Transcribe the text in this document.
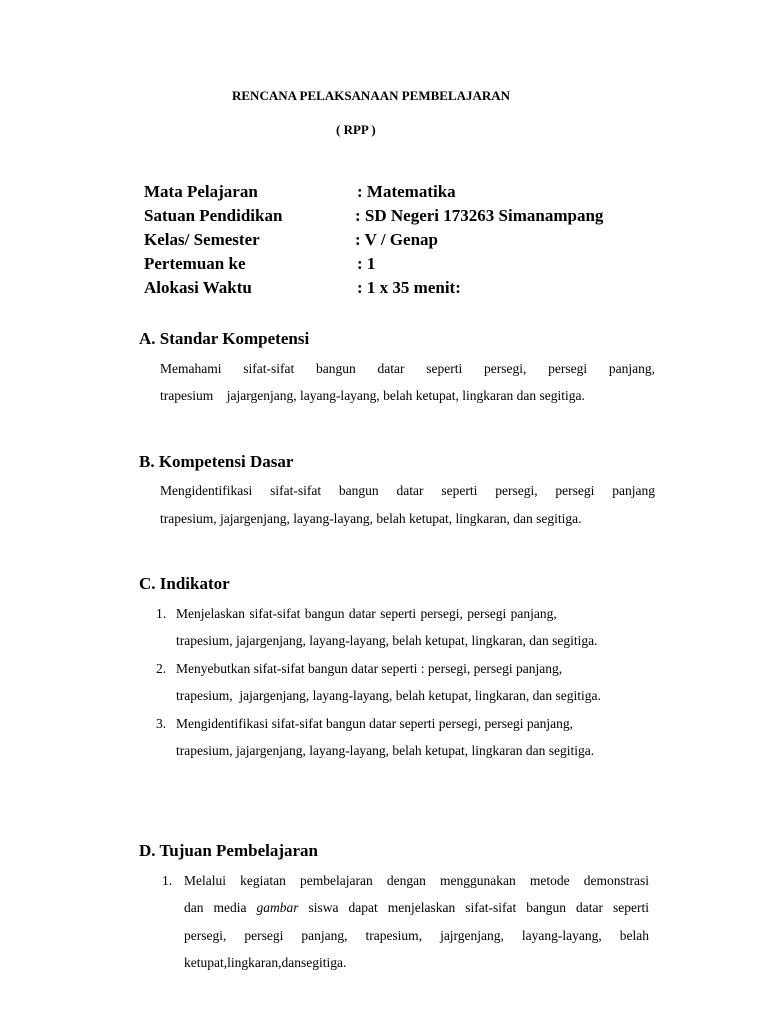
RENCANA PELAKSANAAN PEMBELAJARAN
( RPP )
Mata Pelajaran	: Matematika
Satuan Pendidikan	: SD Negeri 173263 Simanampang
Kelas/ Semester	: V / Genap
Pertemuan ke	: 1
Alokasi Waktu	: 1 x 35 menit:
A. Standar Kompetensi
Memahami sifat-sifat bangun datar seperti persegi, persegi panjang,
trapesium    jajargenjang, layang-layang, belah ketupat, lingkaran dan segitiga.
B. Kompetensi Dasar
Mengidentifikasi sifat-sifat bangun datar seperti persegi, persegi panjang
trapesium, jajargenjang, layang-layang, belah ketupat, lingkaran, dan segitiga.
C. Indikator
1. Menjelaskan sifat-sifat bangun datar seperti persegi, persegi panjang,
trapesium, jajargenjang, layang-layang, belah ketupat, lingkaran, dan segitiga.
2. Menyebutkan sifat-sifat bangun datar seperti : persegi, persegi panjang,
trapesium,  jajargenjang, layang-layang, belah ketupat, lingkaran, dan segitiga.
3. Mengidentifikasi sifat-sifat bangun datar seperti persegi, persegi panjang,
trapesium, jajargenjang, layang-layang, belah ketupat, lingkaran dan segitiga.
D. Tujuan Pembelajaran
1. Melalui kegiatan pembelajaran dengan menggunakan metode demonstrasi
dan media gambar siswa dapat menjelaskan sifat-sifat bangun datar seperti
persegi, persegi panjang, trapesium, jajrgenjang, layang-layang, belah
ketupat,lingkaran,dansegitiga.
